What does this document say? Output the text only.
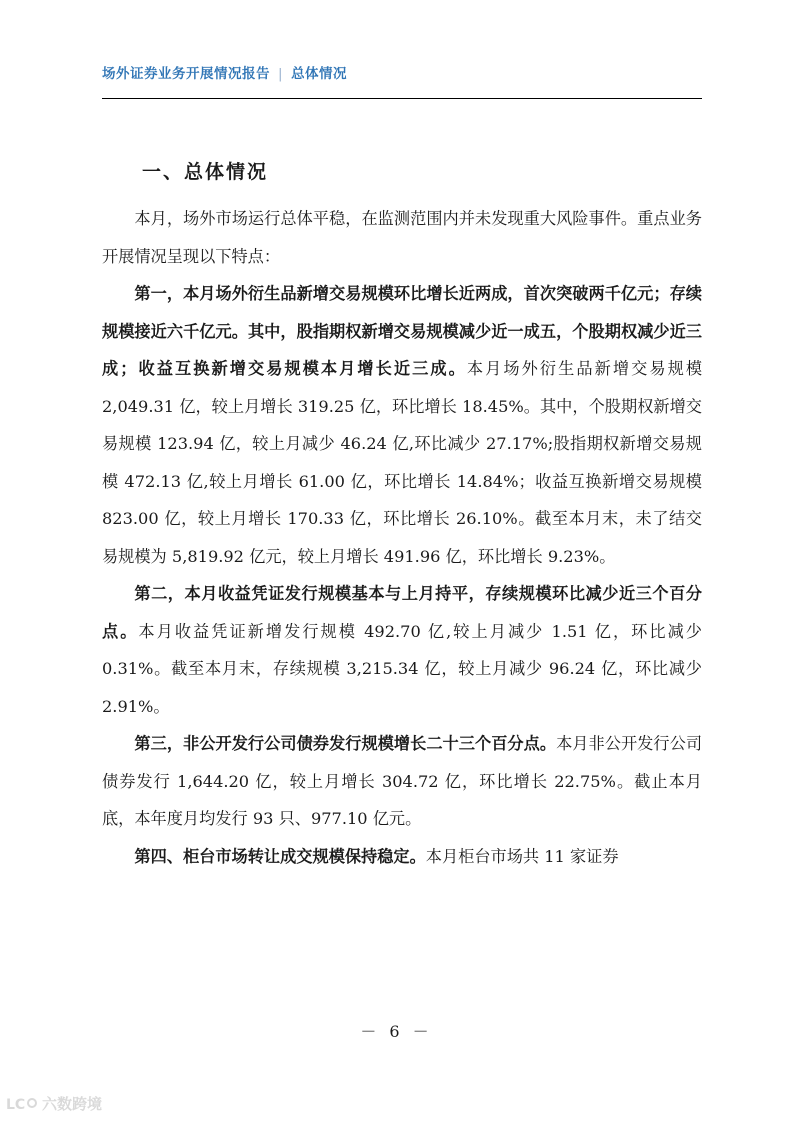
场外证券业务开展情况报告 | 总体情况
一、总体情况

本月，场外市场运行总体平稳，在监测范围内并未发现重大风险事件。重点业务开展情况呈现以下特点：

第一，本月场外衍生品新增交易规模环比增长近两成，首次突破两千亿元；存续规模接近六千亿元。其中，股指期权新增交易规模减少近一成五，个股期权减少近三成；收益互换新增交易规模本月增长近三成。本月场外衍生品新增交易规模 2,049.31 亿，较上月增长 319.25 亿，环比增长 18.45%。其中，个股期权新增交易规模 123.94 亿，较上月减少 46.24 亿,环比减少 27.17%;股指期权新增交易规模 472.13 亿,较上月增长 61.00 亿，环比增长 14.84%；收益互换新增交易规模 823.00 亿，较上月增长 170.33 亿，环比增长 26.10%。截至本月末，未了结交易规模为 5,819.92 亿元，较上月增长 491.96 亿，环比增长 9.23%。

第二，本月收益凭证发行规模基本与上月持平，存续规模环比减少近三个百分点。本月收益凭证新增发行规模 492.70 亿,较上月减少 1.51 亿，环比减少 0.31%。截至本月末，存续规模 3,215.34 亿，较上月减少 96.24 亿，环比减少 2.91%。

第三，非公开发行公司债券发行规模增长二十三个百分点。本月非公开发行公司债券发行 1,644.20 亿，较上月增长 304.72 亿，环比增长 22.75%。截止本月底，本年度月均发行 93 只、977.10 亿元。

第四、柜台市场转让成交规模保持稳定。本月柜台市场共 11 家证券

－ 6 －
LC 六数跨境
